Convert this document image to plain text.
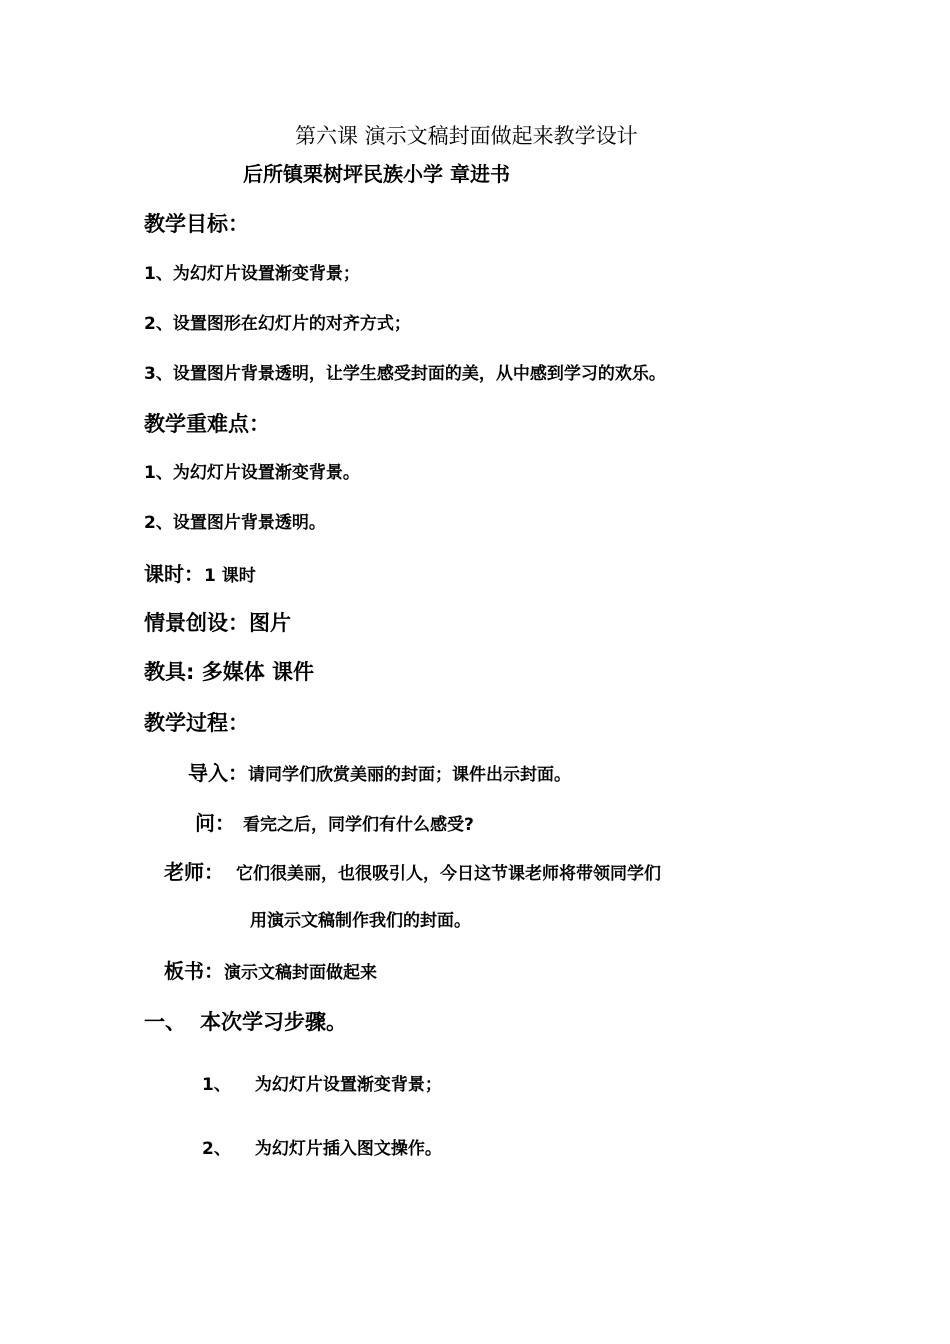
第六课 演示文稿封面做起来教学设计
后所镇栗树坪民族小学 章进书
教学目标：
1、为幻灯片设置渐变背景；
2、设置图形在幻灯片的对齐方式；
3、设置图片背景透明，让学生感受封面的美，从中感到学习的欢乐。
教学重难点：
1、为幻灯片设置渐变背景。
2、设置图片背景透明。
课时：1 课时
情景创设：图片
教具: 多媒体 课件
教学过程：
导入：请同学们欣赏美丽的封面；课件出示封面。
问： 看完之后，同学们有什么感受?
老师： 它们很美丽，也很吸引人，今日这节课老师将带领同学们
用演示文稿制作我们的封面。
板书：演示文稿封面做起来
一、 本次学习步骤。
1、 为幻灯片设置渐变背景；
2、 为幻灯片插入图文操作。
